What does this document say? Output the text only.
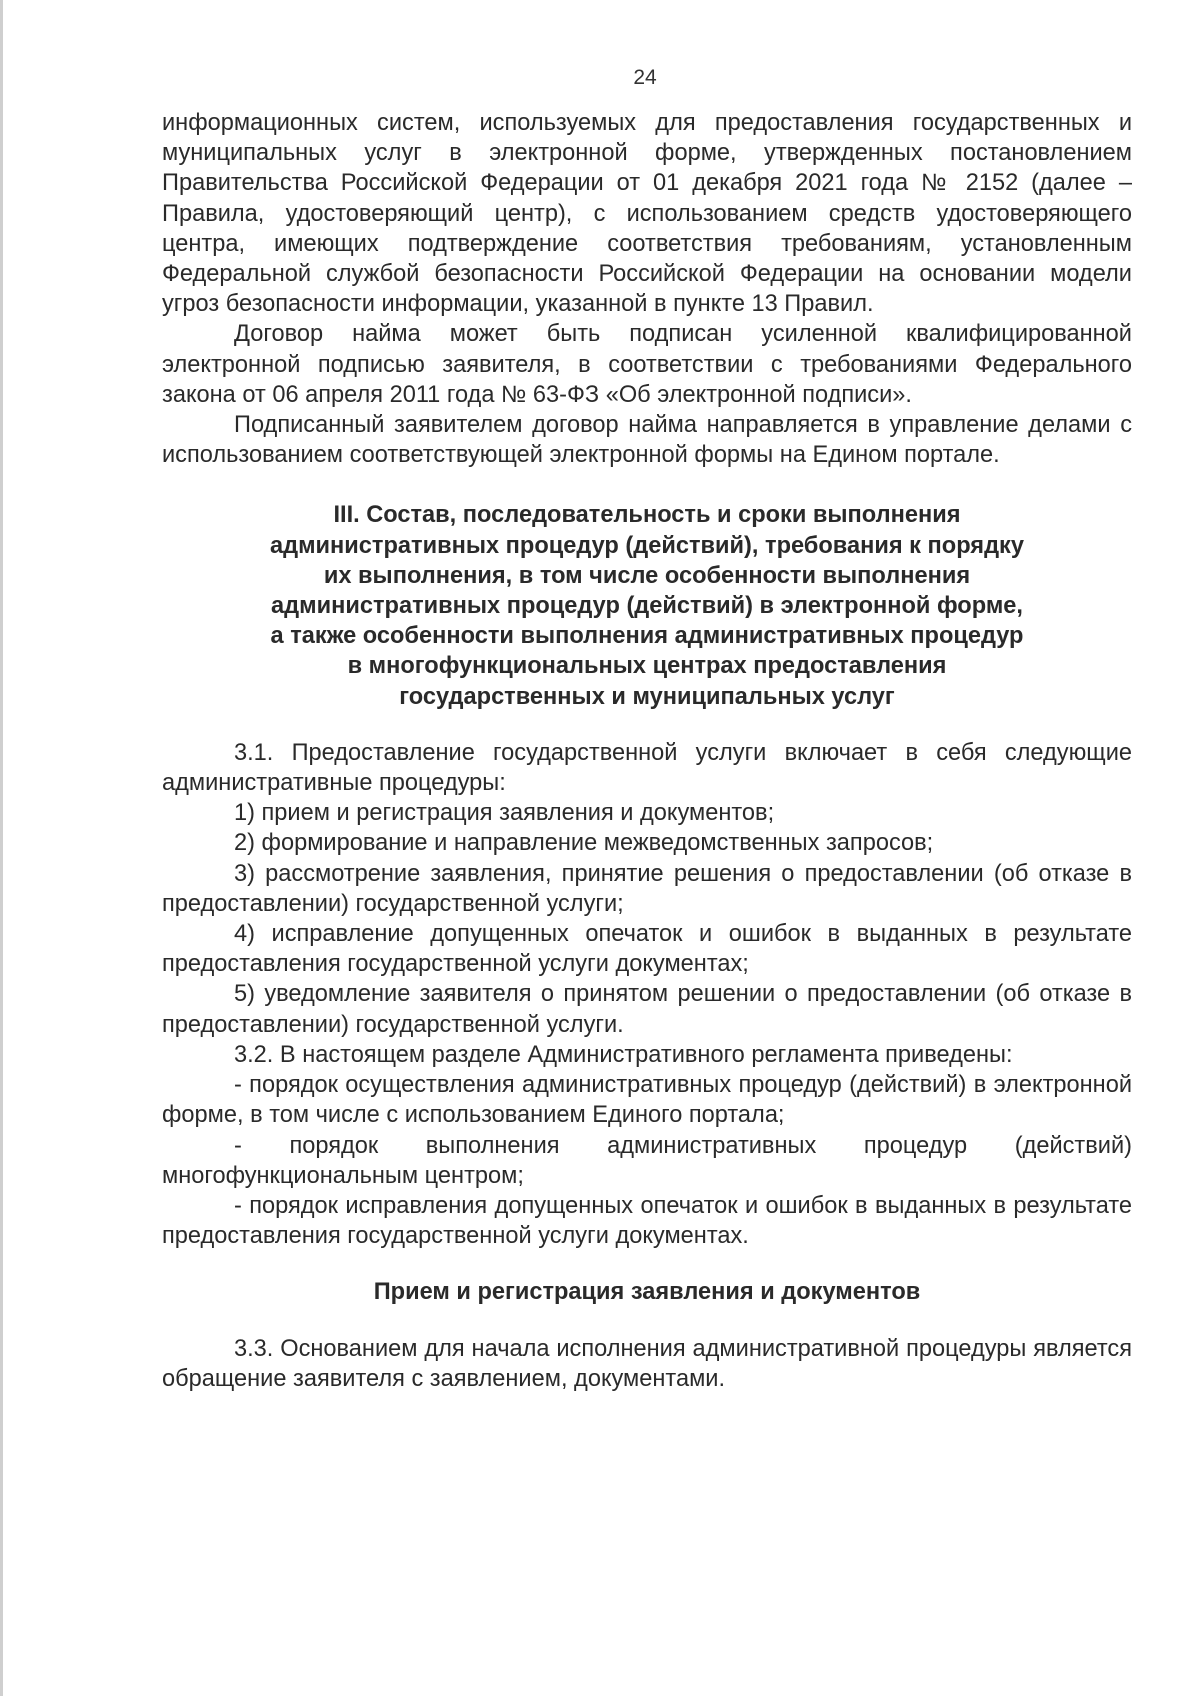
24

информационных систем, используемых для предоставления государственных и муниципальных услуг в электронной форме, утвержденных постановлением Правительства Российской Федерации от 01 декабря 2021 года № 2152 (далее – Правила, удостоверяющий центр), с использованием средств удостоверяющего центра, имеющих подтверждение соответствия требованиям, установленным Федеральной службой безопасности Российской Федерации на основании модели угроз безопасности информации, указанной в пункте 13 Правил.

Договор найма может быть подписан усиленной квалифицированной электронной подписью заявителя, в соответствии с требованиями Федерального закона от 06 апреля 2011 года № 63-ФЗ «Об электронной подписи».

Подписанный заявителем договор найма направляется в управление делами с использованием соответствующей электронной формы на Едином портале.

III. Состав, последовательность и сроки выполнения
административных процедур (действий), требования к порядку
их выполнения, в том числе особенности выполнения
административных процедур (действий) в электронной форме,
а также особенности выполнения административных процедур
в многофункциональных центрах предоставления
государственных и муниципальных услуг

3.1. Предоставление государственной услуги включает в себя следующие административные процедуры:

1) прием и регистрация заявления и документов;

2) формирование и направление межведомственных запросов;

3) рассмотрение заявления, принятие решения о предоставлении (об отказе в предоставлении) государственной услуги;

4) исправление допущенных опечаток и ошибок в выданных в результате предоставления государственной услуги документах;

5) уведомление заявителя о принятом решении о предоставлении (об отказе в предоставлении) государственной услуги.

3.2. В настоящем разделе Административного регламента приведены:

- порядок осуществления административных процедур (действий) в электронной форме, в том числе с использованием Единого портала;

- порядок выполнения административных процедур (действий) многофункциональным центром;

- порядок исправления допущенных опечаток и ошибок в выданных в результате предоставления государственной услуги документах.

Прием и регистрация заявления и документов

3.3. Основанием для начала исполнения административной процедуры является обращение заявителя с заявлением, документами.
